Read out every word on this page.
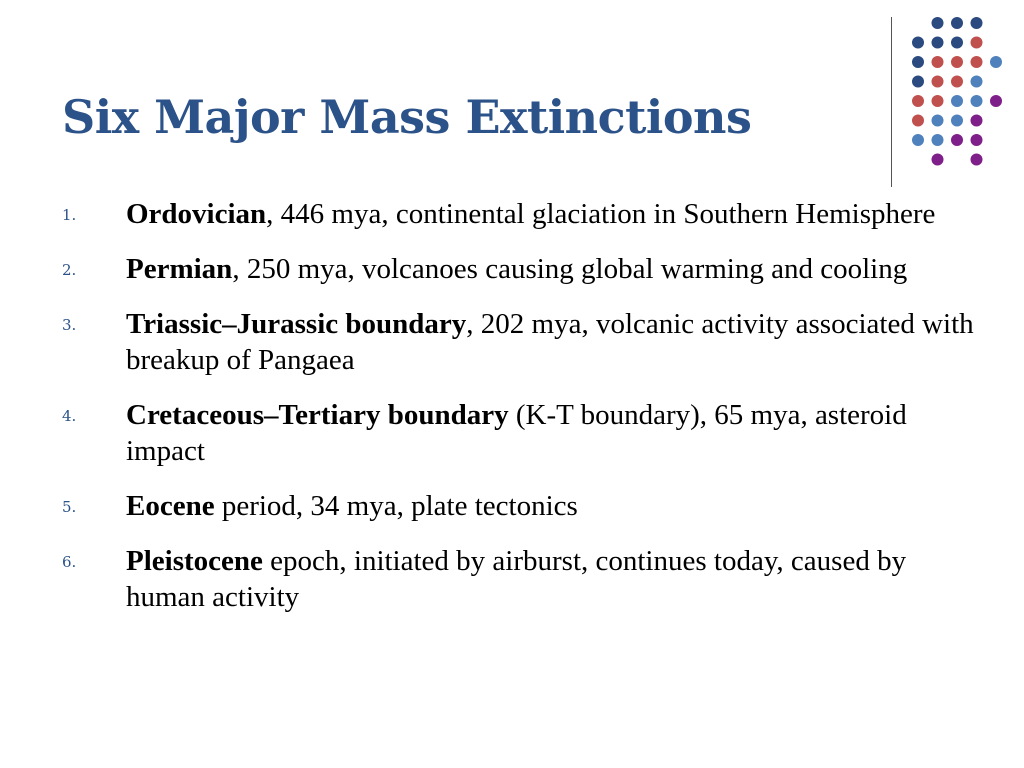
Six Major Mass Extinctions
1. Ordovician, 446 mya, continental glaciation in Southern Hemisphere
2. Permian, 250 mya, volcanoes causing global warming and cooling
3. Triassic–Jurassic boundary, 202 mya, volcanic activity associated with breakup of Pangaea
4. Cretaceous–Tertiary boundary (K-T boundary), 65 mya, asteroid impact
5. Eocene period, 34 mya, plate tectonics
6. Pleistocene epoch, initiated by airburst, continues today, caused by human activity
